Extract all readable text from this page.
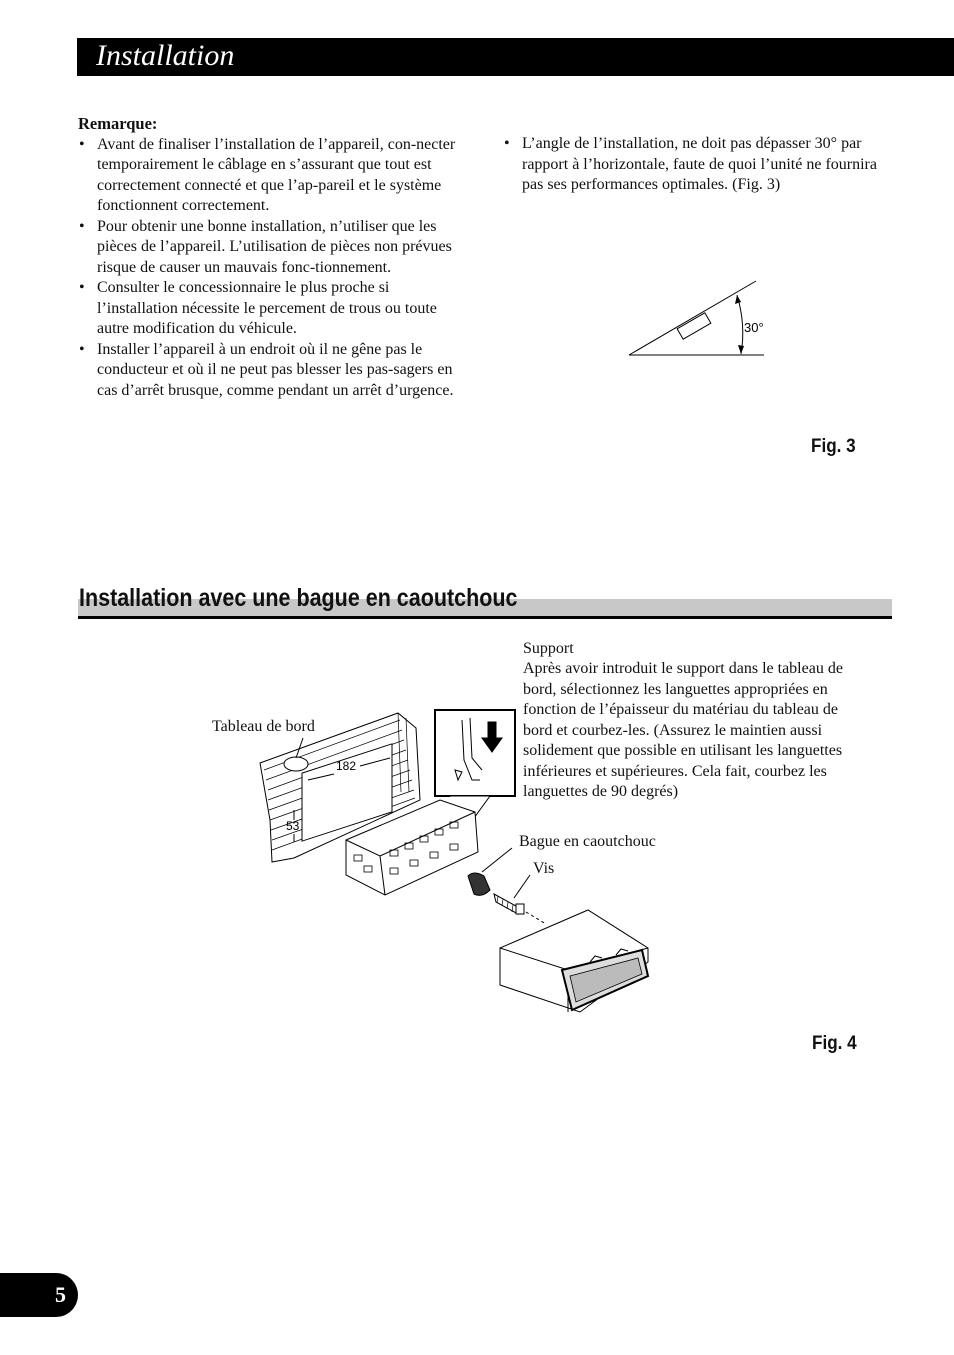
Installation
Remarque:
• Avant de finaliser l’installation de l’appareil, con-necter temporairement le câblage en s’assurant que tout est correctement connecté et que l’ap-pareil et le système fonctionnent correctement.
• Pour obtenir une bonne installation, n’utiliser que les pièces de l’appareil. L’utilisation de pièces non prévues risque de causer un mauvais fonc-tionnement.
• Consulter le concessionnaire le plus proche si l’installation nécessite le percement de trous ou toute autre modification du véhicule.
• Installer l’appareil à un endroit où il ne gêne pas le conducteur et où il ne peut pas blesser les pas-sagers en cas d’arrêt brusque, comme pendant un arrêt d’urgence.
• L’angle de l’installation, ne doit pas dépasser 30° par rapport à l’horizontale, faute de quoi l’unité ne fournira pas ses performances optimales. (Fig. 3)
30°
Fig. 3
Installation avec une bague en caoutchouc
Support
Après avoir introduit le support dans le tableau de bord, sélectionnez les languettes appropriées en fonction de l’épaisseur du matériau du tableau de bord et courbez-les. (Assurez le maintien aussi solidement que possible en utilisant les languettes inférieures et supérieures. Cela fait, courbez les languettes de 90 degrés)
Tableau de bord
Bague en caoutchouc
Vis
182
53
Fig. 4
5
